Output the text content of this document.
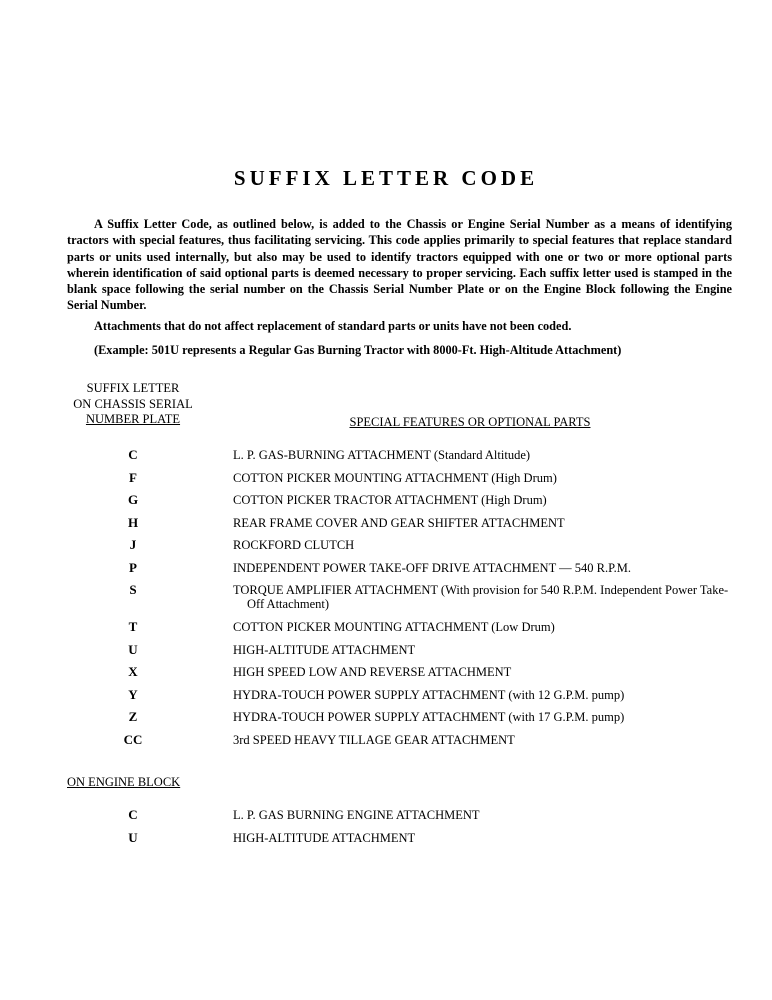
SUFFIX LETTER CODE

A Suffix Letter Code, as outlined below, is added to the Chassis or Engine Serial Number as a means of identifying tractors with special features, thus facilitating servicing. This code applies primarily to special features that replace standard parts or units used internally, but also may be used to identify tractors equipped with one or two or more optional parts wherein identification of said optional parts is deemed necessary to proper servicing. Each suffix letter used is stamped in the blank space following the serial number on the Chassis Serial Number Plate or on the Engine Block following the Engine Serial Number.

Attachments that do not affect replacement of standard parts or units have not been coded.

(Example: 501U represents a Regular Gas Burning Tractor with 8000-Ft. High-Altitude Attachment)

SUFFIX LETTER
ON CHASSIS SERIAL
NUMBER PLATE	SPECIAL FEATURES OR OPTIONAL PARTS
C	L. P. GAS-BURNING ATTACHMENT (Standard Altitude)
F	COTTON PICKER MOUNTING ATTACHMENT (High Drum)
G	COTTON PICKER TRACTOR ATTACHMENT (High Drum)
H	REAR FRAME COVER AND GEAR SHIFTER ATTACHMENT
J	ROCKFORD CLUTCH
P	INDEPENDENT POWER TAKE-OFF DRIVE ATTACHMENT — 540 R.P.M.
S	TORQUE AMPLIFIER ATTACHMENT (With provision for 540 R.P.M. Independent Power Take-Off Attachment)
T	COTTON PICKER MOUNTING ATTACHMENT (Low Drum)
U	HIGH-ALTITUDE ATTACHMENT
X	HIGH SPEED LOW AND REVERSE ATTACHMENT
Y	HYDRA-TOUCH POWER SUPPLY ATTACHMENT (with 12 G.P.M. pump)
Z	HYDRA-TOUCH POWER SUPPLY ATTACHMENT (with 17 G.P.M. pump)
CC	3rd SPEED HEAVY TILLAGE GEAR ATTACHMENT
ON ENGINE BLOCK
C	L. P. GAS BURNING ENGINE ATTACHMENT
U	HIGH-ALTITUDE ATTACHMENT
